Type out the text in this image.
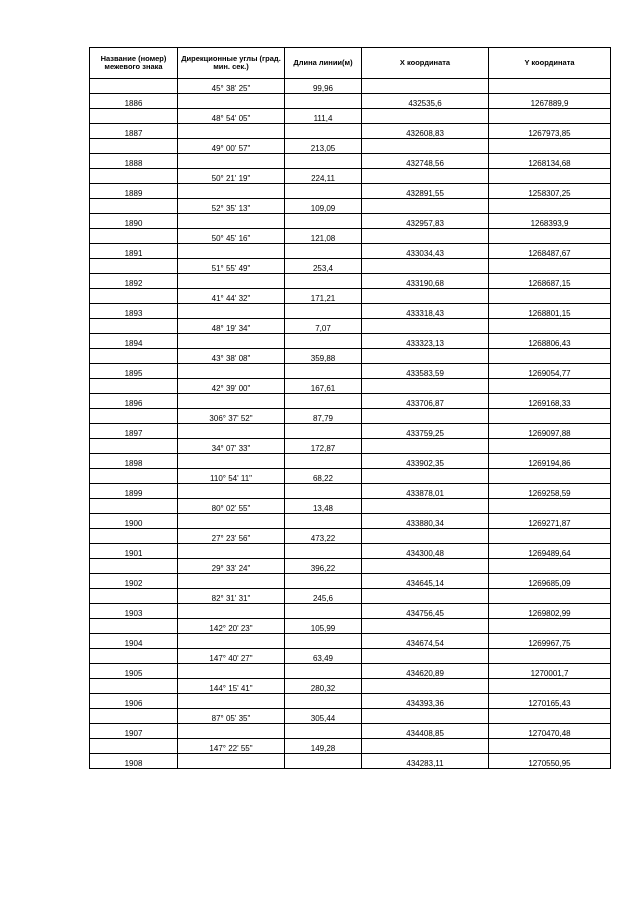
Название (номер) межевого знака	Дирекционные углы (град. мин. сек.)	Длина линии(м)	X координата	Y координата
	45° 38' 25"	99,96		
1886			432535,6	1267889,9
	48° 54' 05"	111,4		
1887			432608,83	1267973,85
	49° 00' 57"	213,05		
1888			432748,56	1268134,68
	50° 21' 19"	224,11		
1889			432891,55	1258307,25
	52° 35' 13"	109,09		
1890			432957,83	1268393,9
	50° 45' 16"	121,08		
1891			433034,43	1268487,67
	51° 55' 49"	253,4		
1892			433190,68	1268687,15
	41° 44' 32"	171,21		
1893			433318,43	1268801,15
	48° 19' 34"	7,07		
1894			433323,13	1268806,43
	43° 38' 08"	359,88		
1895			433583,59	1269054,77
	42° 39' 00"	167,61		
1896			433706,87	1269168,33
	306° 37' 52"	87,79		
1897			433759,25	1269097,88
	34° 07' 33"	172,87		
1898			433902,35	1269194,86
	110° 54' 11"	68,22		
1899			433878,01	1269258,59
	80° 02' 55"	13,48		
1900			433880,34	1269271,87
	27° 23' 56"	473,22		
1901			434300,48	1269489,64
	29° 33' 24"	396,22		
1902			434645,14	1269685,09
	82° 31' 31"	245,6		
1903			434756,45	1269802,99
	142° 20' 23"	105,99		
1904			434674,54	1269967,75
	147° 40' 27"	63,49		
1905			434620,89	1270001,7
	144° 15' 41"	280,32		
1906			434393,36	1270165,43
	87° 05' 35"	305,44		
1907			434408,85	1270470,48
	147° 22' 55"	149,28		
1908			434283,11	1270550,95
